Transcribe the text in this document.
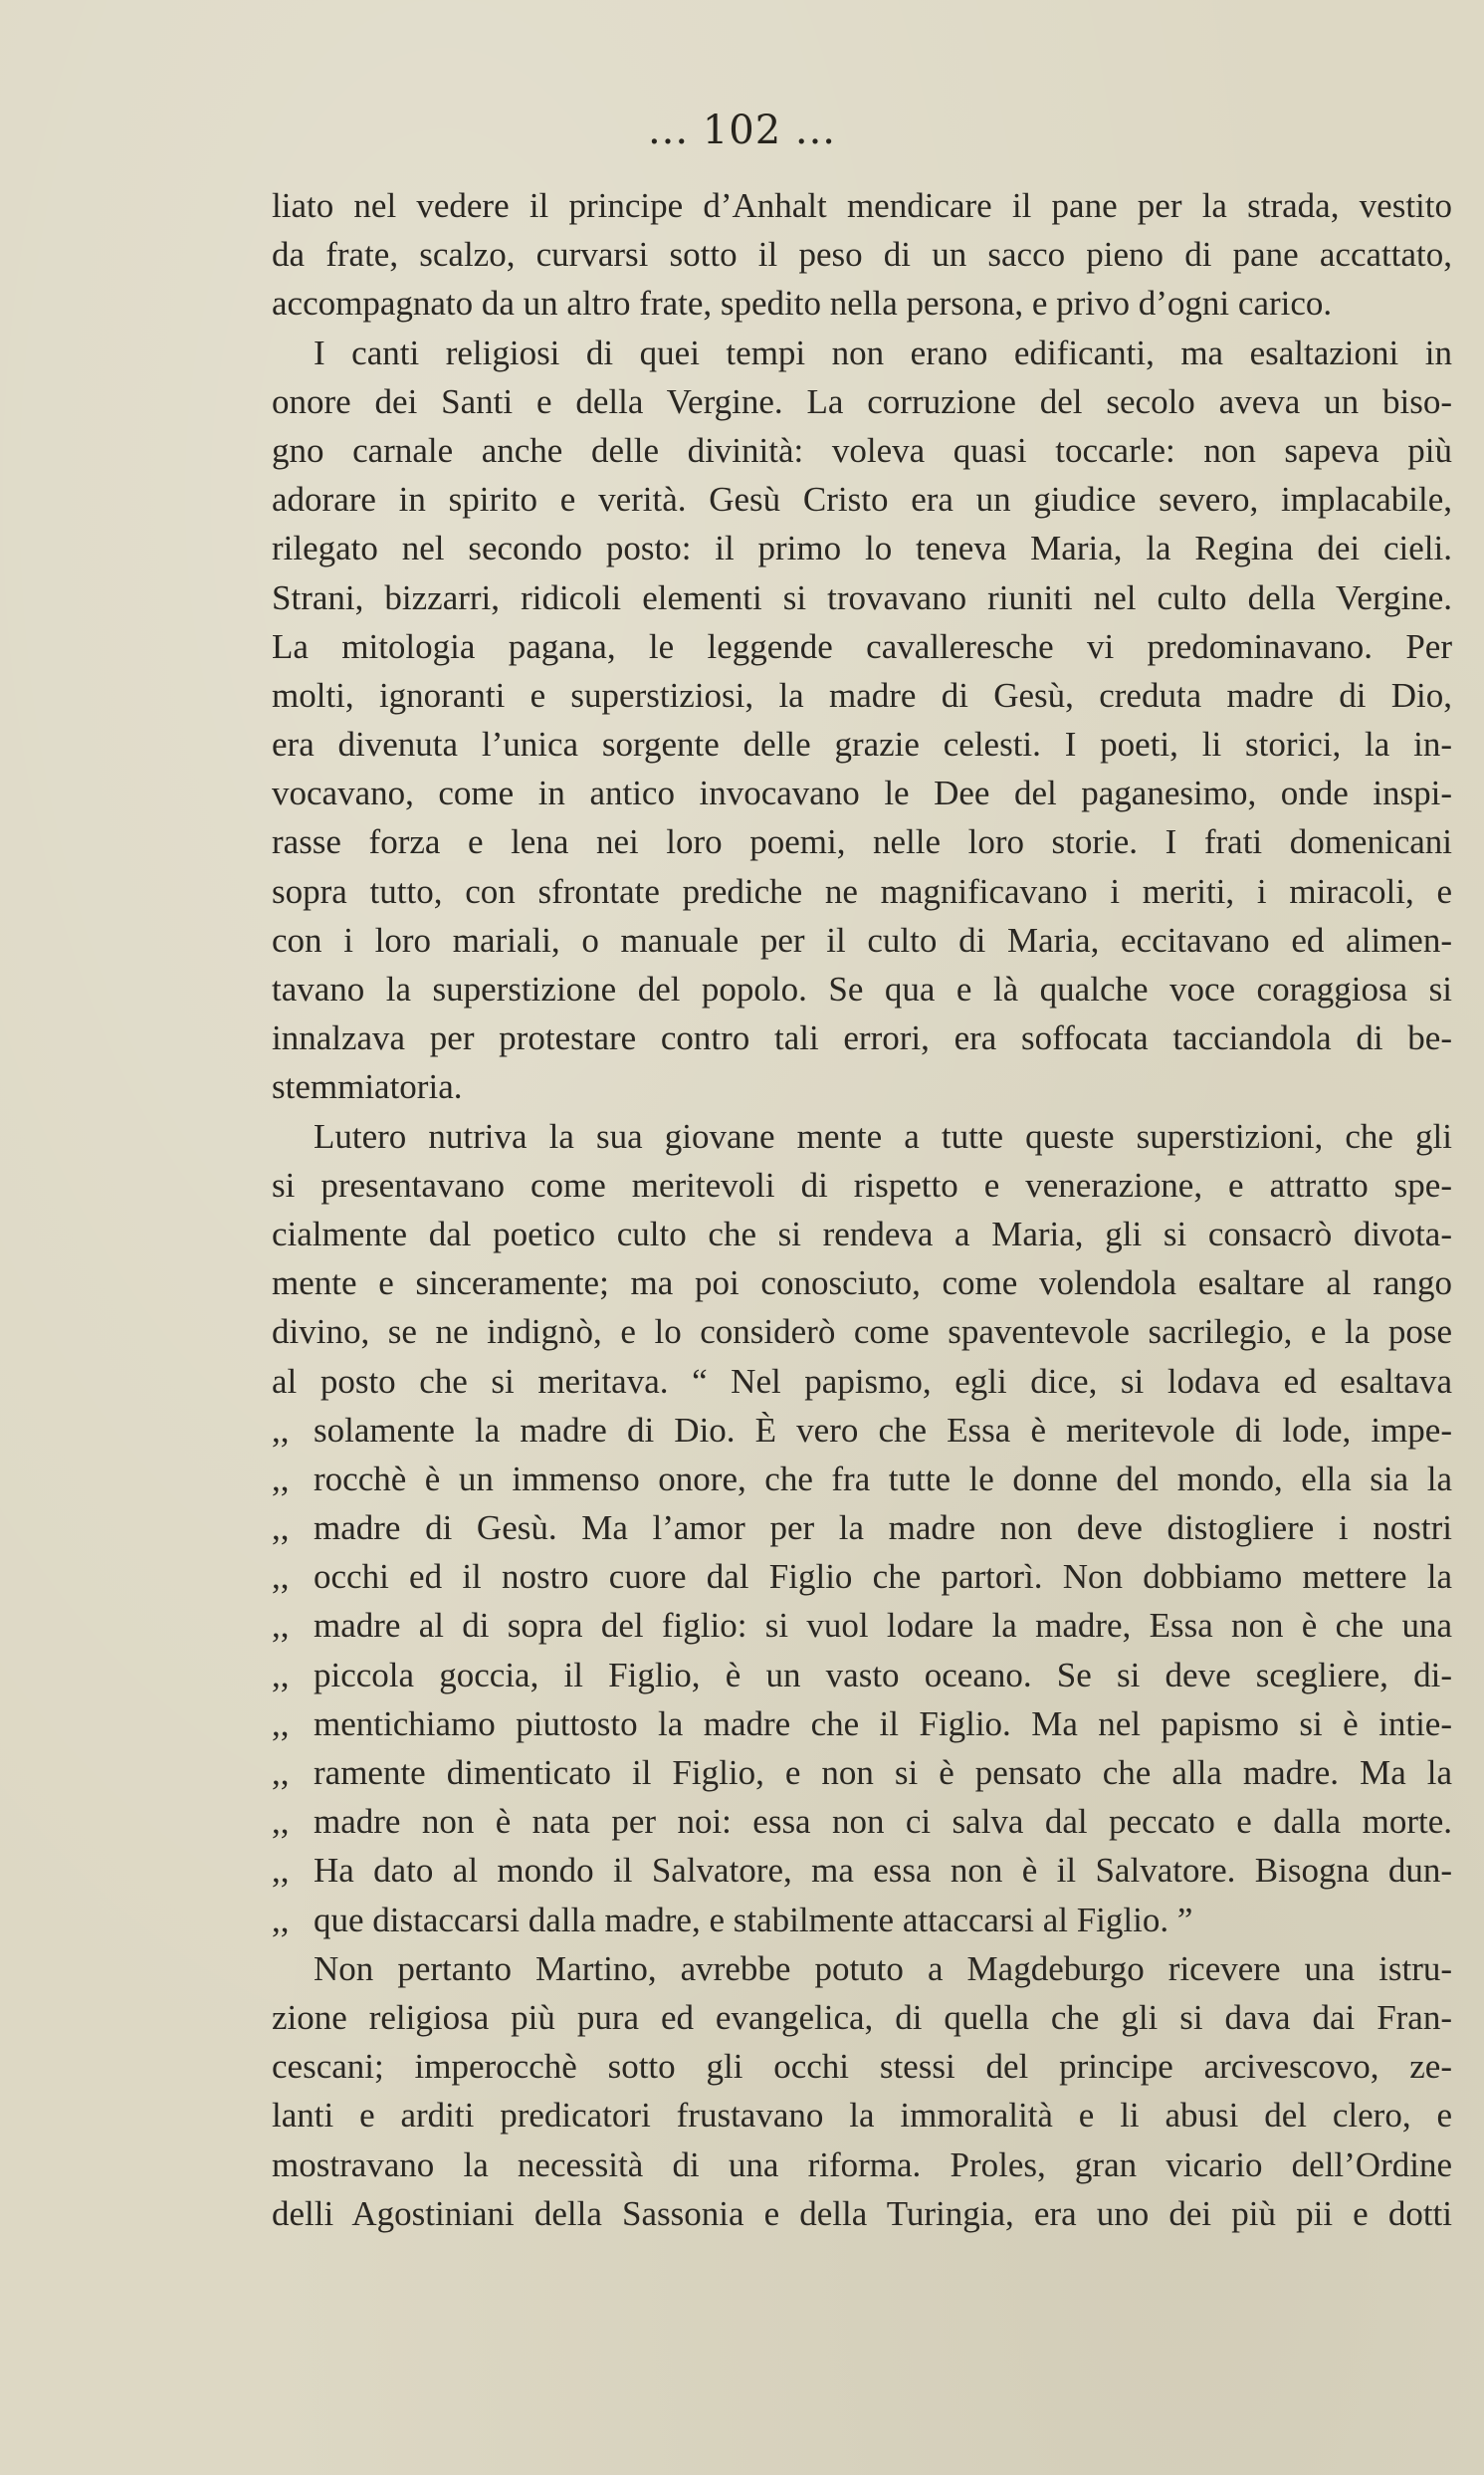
... 102 ...
liato nel vedere il principe d’Anhalt mendicare il pane per la strada, vestito
da frate, scalzo, curvarsi sotto il peso di un sacco pieno di pane accattato,
accompagnato da un altro frate, spedito nella persona, e privo d’ogni carico.
I canti religiosi di quei tempi non erano edificanti, ma esaltazioni in
onore dei Santi e della Vergine. La corruzione del secolo aveva un biso-
gno carnale anche delle divinità: voleva quasi toccarle: non sapeva più
adorare in spirito e verità. Gesù Cristo era un giudice severo, implacabile,
rilegato nel secondo posto: il primo lo teneva Maria, la Regina dei cieli.
Strani, bizzarri, ridicoli elementi si trovavano riuniti nel culto della Vergine.
La mitologia pagana, le leggende cavalleresche vi predominavano. Per
molti, ignoranti e superstiziosi, la madre di Gesù, creduta madre di Dio,
era divenuta l’unica sorgente delle grazie celesti. I poeti, li storici, la in-
vocavano, come in antico invocavano le Dee del paganesimo, onde inspi-
rasse forza e lena nei loro poemi, nelle loro storie. I frati domenicani
sopra tutto, con sfrontate prediche ne magnificavano i meriti, i miracoli, e
con i loro mariali, o manuale per il culto di Maria, eccitavano ed alimen-
tavano la superstizione del popolo. Se qua e là qualche voce coraggiosa si
innalzava per protestare contro tali errori, era soffocata tacciandola di be-
stemmiatoria.
Lutero nutriva la sua giovane mente a tutte queste superstizioni, che gli
si presentavano come meritevoli di rispetto e venerazione, e attratto spe-
cialmente dal poetico culto che si rendeva a Maria, gli si consacrò divota-
mente e sinceramente; ma poi conosciuto, come volendola esaltare al rango
divino, se ne indignò, e lo considerò come spaventevole sacrilegio, e la pose
al posto che si meritava. “ Nel papismo, egli dice, si lodava ed esaltava
,, solamente la madre di Dio. È vero che Essa è meritevole di lode, impe-
,, rocchè è un immenso onore, che fra tutte le donne del mondo, ella sia la
,, madre di Gesù. Ma l’amor per la madre non deve distogliere i nostri
,, occhi ed il nostro cuore dal Figlio che partorì. Non dobbiamo mettere la
,, madre al di sopra del figlio: si vuol lodare la madre, Essa non è che una
,, piccola goccia, il Figlio, è un vasto oceano. Se si deve scegliere, di-
,, mentichiamo piuttosto la madre che il Figlio. Ma nel papismo si è intie-
,, ramente dimenticato il Figlio, e non si è pensato che alla madre. Ma la
,, madre non è nata per noi: essa non ci salva dal peccato e dalla morte.
,, Ha dato al mondo il Salvatore, ma essa non è il Salvatore. Bisogna dun-
,, que distaccarsi dalla madre, e stabilmente attaccarsi al Figlio. ”
Non pertanto Martino, avrebbe potuto a Magdeburgo ricevere una istru-
zione religiosa più pura ed evangelica, di quella che gli si dava dai Fran-
cescani; imperocchè sotto gli occhi stessi del principe arcivescovo, ze-
lanti e arditi predicatori frustavano la immoralità e li abusi del clero, e
mostravano la necessità di una riforma. Proles, gran vicario dell’Ordine
delli Agostiniani della Sassonia e della Turingia, era uno dei più pii e dotti
